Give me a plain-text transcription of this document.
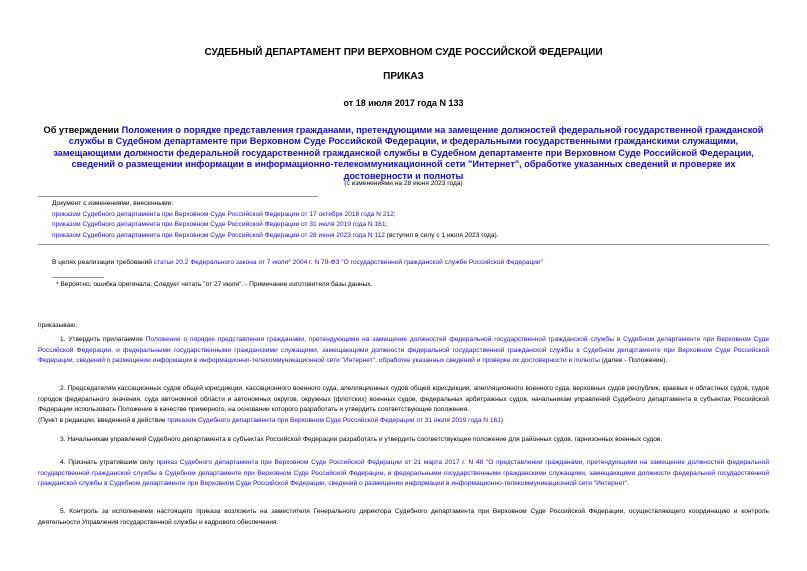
СУДЕБНЫЙ ДЕПАРТАМЕНТ ПРИ ВЕРХОВНОМ СУДЕ РОССИЙСКОЙ ФЕДЕРАЦИИ
ПРИКАЗ
от 18 июля 2017 года N 133
Об утверждении Положения о порядке представления гражданами, претендующими на замещение должностей федеральной государственной гражданской службы в Судебном департаменте при Верховном Суде Российской Федерации, и федеральными государственными гражданскими служащими, замещающими должности федеральной государственной гражданской службы в Судебном департаменте при Верховном Суде Российской Федерации, сведений о размещении информации в информационно-телекоммуникационной сети "Интернет", обработке указанных сведений и проверке их достоверности и полноты
(с изменениями на 28 июня 2023 года)
Документ с изменениями, внесенными:
приказом Судебного департамента при Верховном Суде Российской Федерации от 17 октября 2018 года N 212;
приказом Судебного департамента при Верховном Суде Российской Федерации от 31 июля 2019 года N 161;
приказом Судебного департамента при Верховном Суде Российской Федерации от 28 июня 2023 года N 112 (вступил в силу с 1 июля 2023 года).
В целях реализации требований статьи 20.2 Федерального закона от 7 июля* 2004 г. N 79-ФЗ "О государственной гражданской службе Российской Федерации"
* Вероятно, ошибка оригинала. Следует читать "от 27 июля". - Примечание изготовителя базы данных.
приказываю:
1. Утвердить прилагаемое Положение о порядке представления гражданами, претендующими на замещение должностей федеральной государственной гражданской службы в Судебном департаменте при Верховном Суде Российской Федерации, и федеральными государственными гражданскими служащими, замещающими должности федеральной государственной гражданской службы в Судебном департаменте при Верховном Суде Российской Федерации, сведений о размещении информации в информационно-телекоммуникационной сети "Интернет", обработке указанных сведений и проверке их достоверности и полноты (далее - Положение).
2. Председателям кассационных судов общей юрисдикции, кассационного военного суда, апелляционных судов общей юрисдикции, апелляционного военного суда, верховных судов республик, краевых и областных судов, судов городов федерального значения, суда автономной области и автономных округов, окружных (флотских) военных судов, федеральных арбитражных судов, начальникам управлений Судебного департамента в субъектах Российской Федерации использовать Положение в качестве примерного, на основании которого разработать и утвердить соответствующие положения.
(Пункт в редакции, введенной в действие приказом Судебного департамента при Верховном Суде Российской Федерации от 31 июля 2019 года N 161)
3. Начальникам управлений Судебного департамента в субъектах Российской Федерации разработать и утвердить соответствующее положение для районных судов, гарнизонных военных судов.
4. Признать утратившим силу приказ Судебного департамента при Верховном Суде Российской Федерации от 21 марта 2017 г. N 48 "О представлении гражданами, претендующими на замещение должностей федеральной государственной гражданской службы в Судебном департаменте при Верховном Суде Российской Федерации, и федеральными государственными гражданскими служащими, замещающими должности федеральной государственной гражданской службы в Судебном департаменте при Верховном Суде Российской Федерации, сведений о размещении информации в информационно-телекоммуникационной сети "Интернет".
5. Контроль за исполнением настоящего приказа возложить на заместителя Генерального директора Судебного департамента при Верховном Суде Российской Федерации, осуществляющего координацию и контроль деятельности Управления государственной службы и кадрового обеспечения.
